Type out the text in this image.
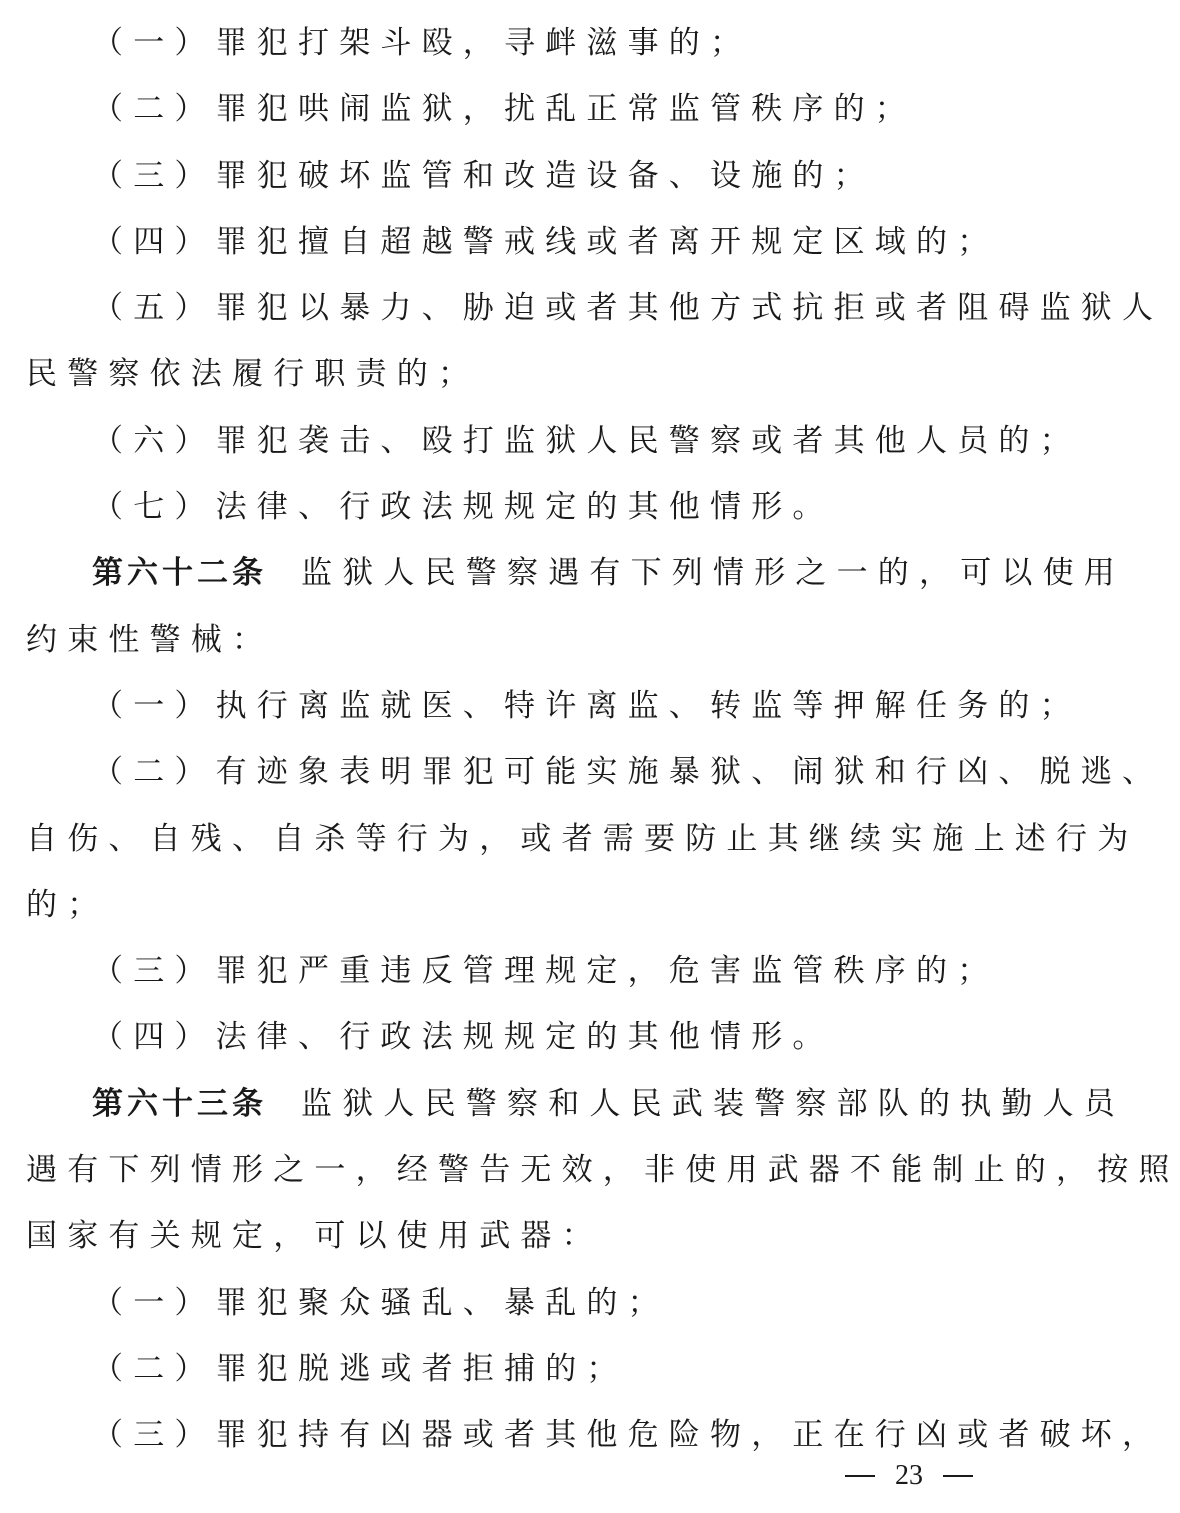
（一）罪犯打架斗殴，寻衅滋事的；
（二）罪犯哄闹监狱，扰乱正常监管秩序的；
（三）罪犯破坏监管和改造设备、设施的；
（四）罪犯擅自超越警戒线或者离开规定区域的；
（五）罪犯以暴力、胁迫或者其他方式抗拒或者阻碍监狱人
民警察依法履行职责的；
（六）罪犯袭击、殴打监狱人民警察或者其他人员的；
（七）法律、行政法规规定的其他情形。
第六十二条 监狱人民警察遇有下列情形之一的，可以使用
约束性警械：
（一）执行离监就医、特许离监、转监等押解任务的；
（二）有迹象表明罪犯可能实施暴狱、闹狱和行凶、脱逃、
自伤、自残、自杀等行为，或者需要防止其继续实施上述行为
的；
（三）罪犯严重违反管理规定，危害监管秩序的；
（四）法律、行政法规规定的其他情形。
第六十三条 监狱人民警察和人民武装警察部队的执勤人员
遇有下列情形之一，经警告无效，非使用武器不能制止的，按照
国家有关规定，可以使用武器：
（一）罪犯聚众骚乱、暴乱的；
（二）罪犯脱逃或者拒捕的；
（三）罪犯持有凶器或者其他危险物，正在行凶或者破坏，
23
